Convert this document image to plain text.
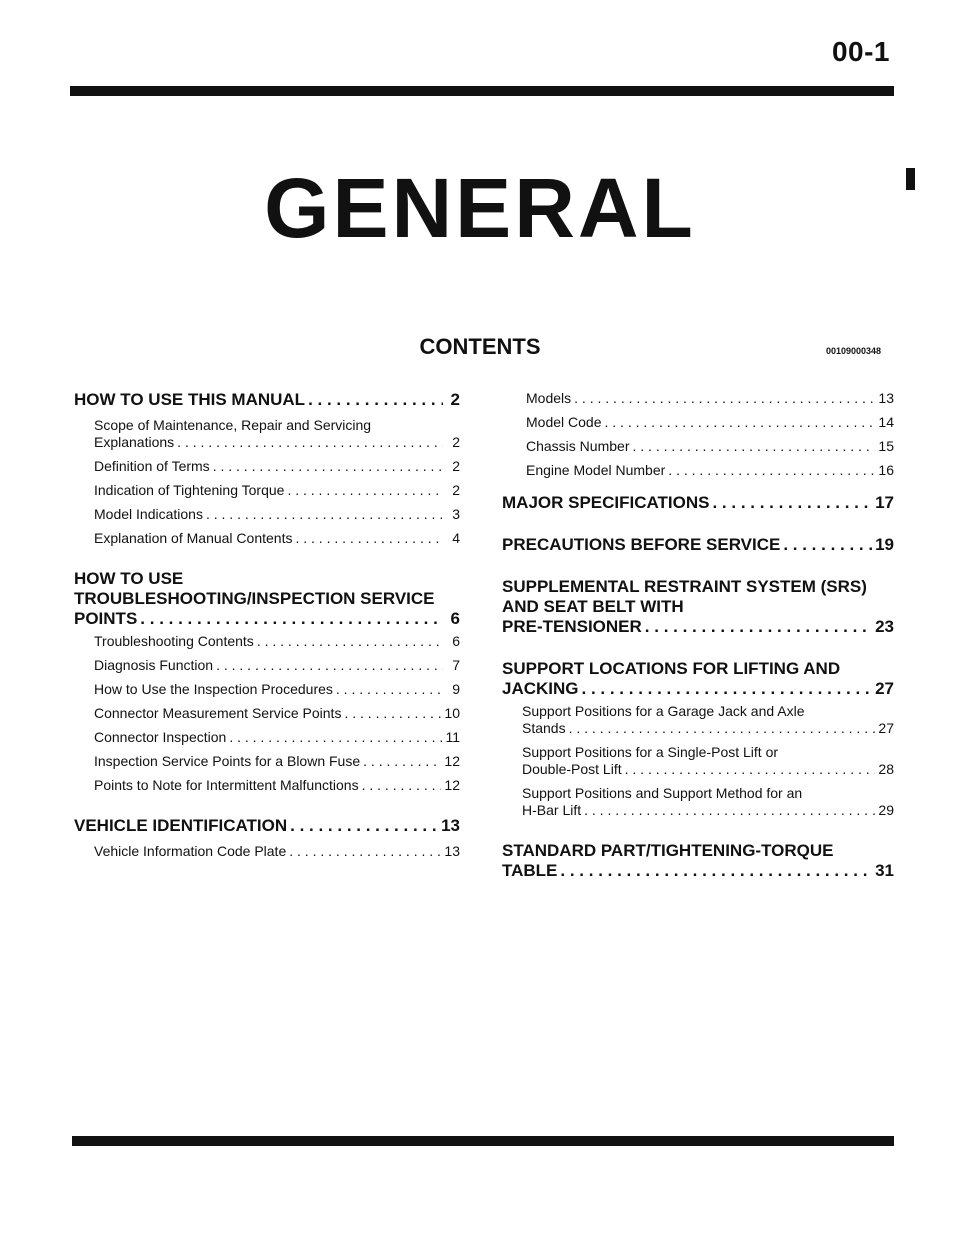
00-1
GENERAL
CONTENTS	00109000348
HOW TO USE THIS MANUAL . . .	2
Scope of Maintenance, Repair and Servicing
Explanations . . .	2
Definition of Terms . . .	2
Indication of Tightening Torque . . .	2
Model Indications . . .	3
Explanation of Manual Contents . . .	4
HOW TO USE
TROUBLESHOOTING/INSPECTION SERVICE
POINTS . . .	6
Troubleshooting Contents . . .	6
Diagnosis Function . . .	7
How to Use the Inspection Procedures . . .	9
Connector Measurement Service Points . . .	10
Connector Inspection . . .	11
Inspection Service Points for a Blown Fuse . . .	12
Points to Note for Intermittent Malfunctions . . .	12
VEHICLE IDENTIFICATION . . .	13
Vehicle Information Code Plate . . .	13
Models . . .	13
Model Code . . .	14
Chassis Number . . .	15
Engine Model Number . . .	16
MAJOR SPECIFICATIONS . . .	17
PRECAUTIONS BEFORE SERVICE . . .	19
SUPPLEMENTAL RESTRAINT SYSTEM (SRS)
AND SEAT BELT WITH
PRE-TENSIONER . . .	23
SUPPORT LOCATIONS FOR LIFTING AND
JACKING . . .	27
Support Positions for a Garage Jack and Axle
Stands . . .	27
Support Positions for a Single-Post Lift or
Double-Post Lift . . .	28
Support Positions and Support Method for an
H-Bar Lift . . .	29
STANDARD PART/TIGHTENING-TORQUE
TABLE . . .	31
